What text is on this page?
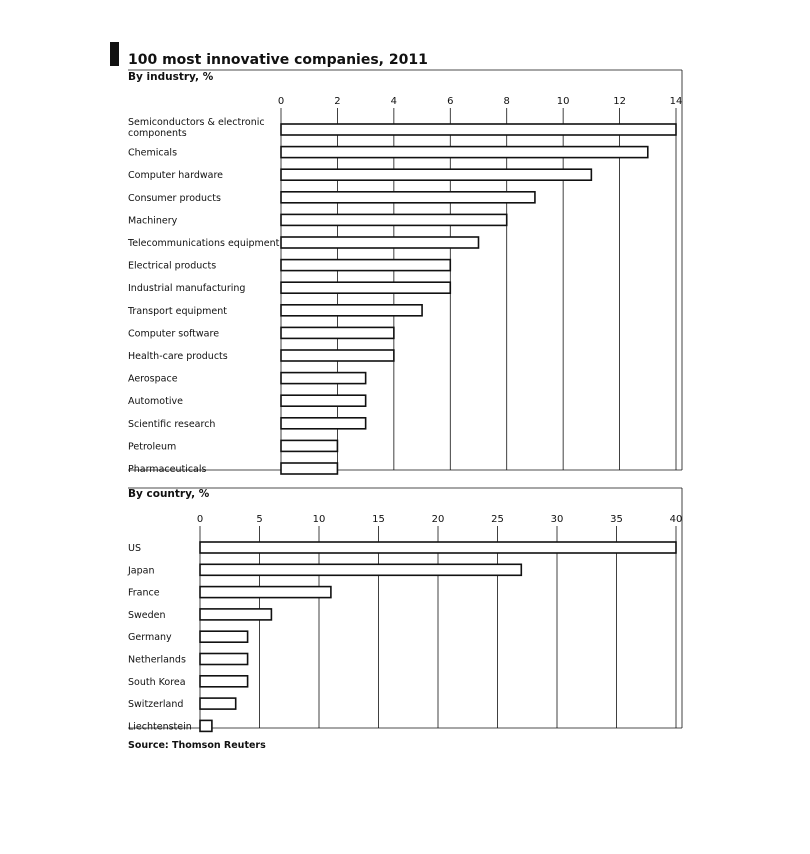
100 most innovative companies, 2011
By industry, %
0	2	4	6	8	10	12	14
Semiconductors & electronic components
Chemicals
Computer hardware
Consumer products
Machinery
Telecommunications equipment
Electrical products
Industrial manufacturing
Transport equipment
Computer software
Health-care products
Aerospace
Automotive
Scientific research
Petroleum
Pharmaceuticals
By country, %
0	5	10	15	20	25	30	35	40
US
Japan
France
Sweden
Germany
Netherlands
South Korea
Switzerland
Liechtenstein
Source: Thomson Reuters
